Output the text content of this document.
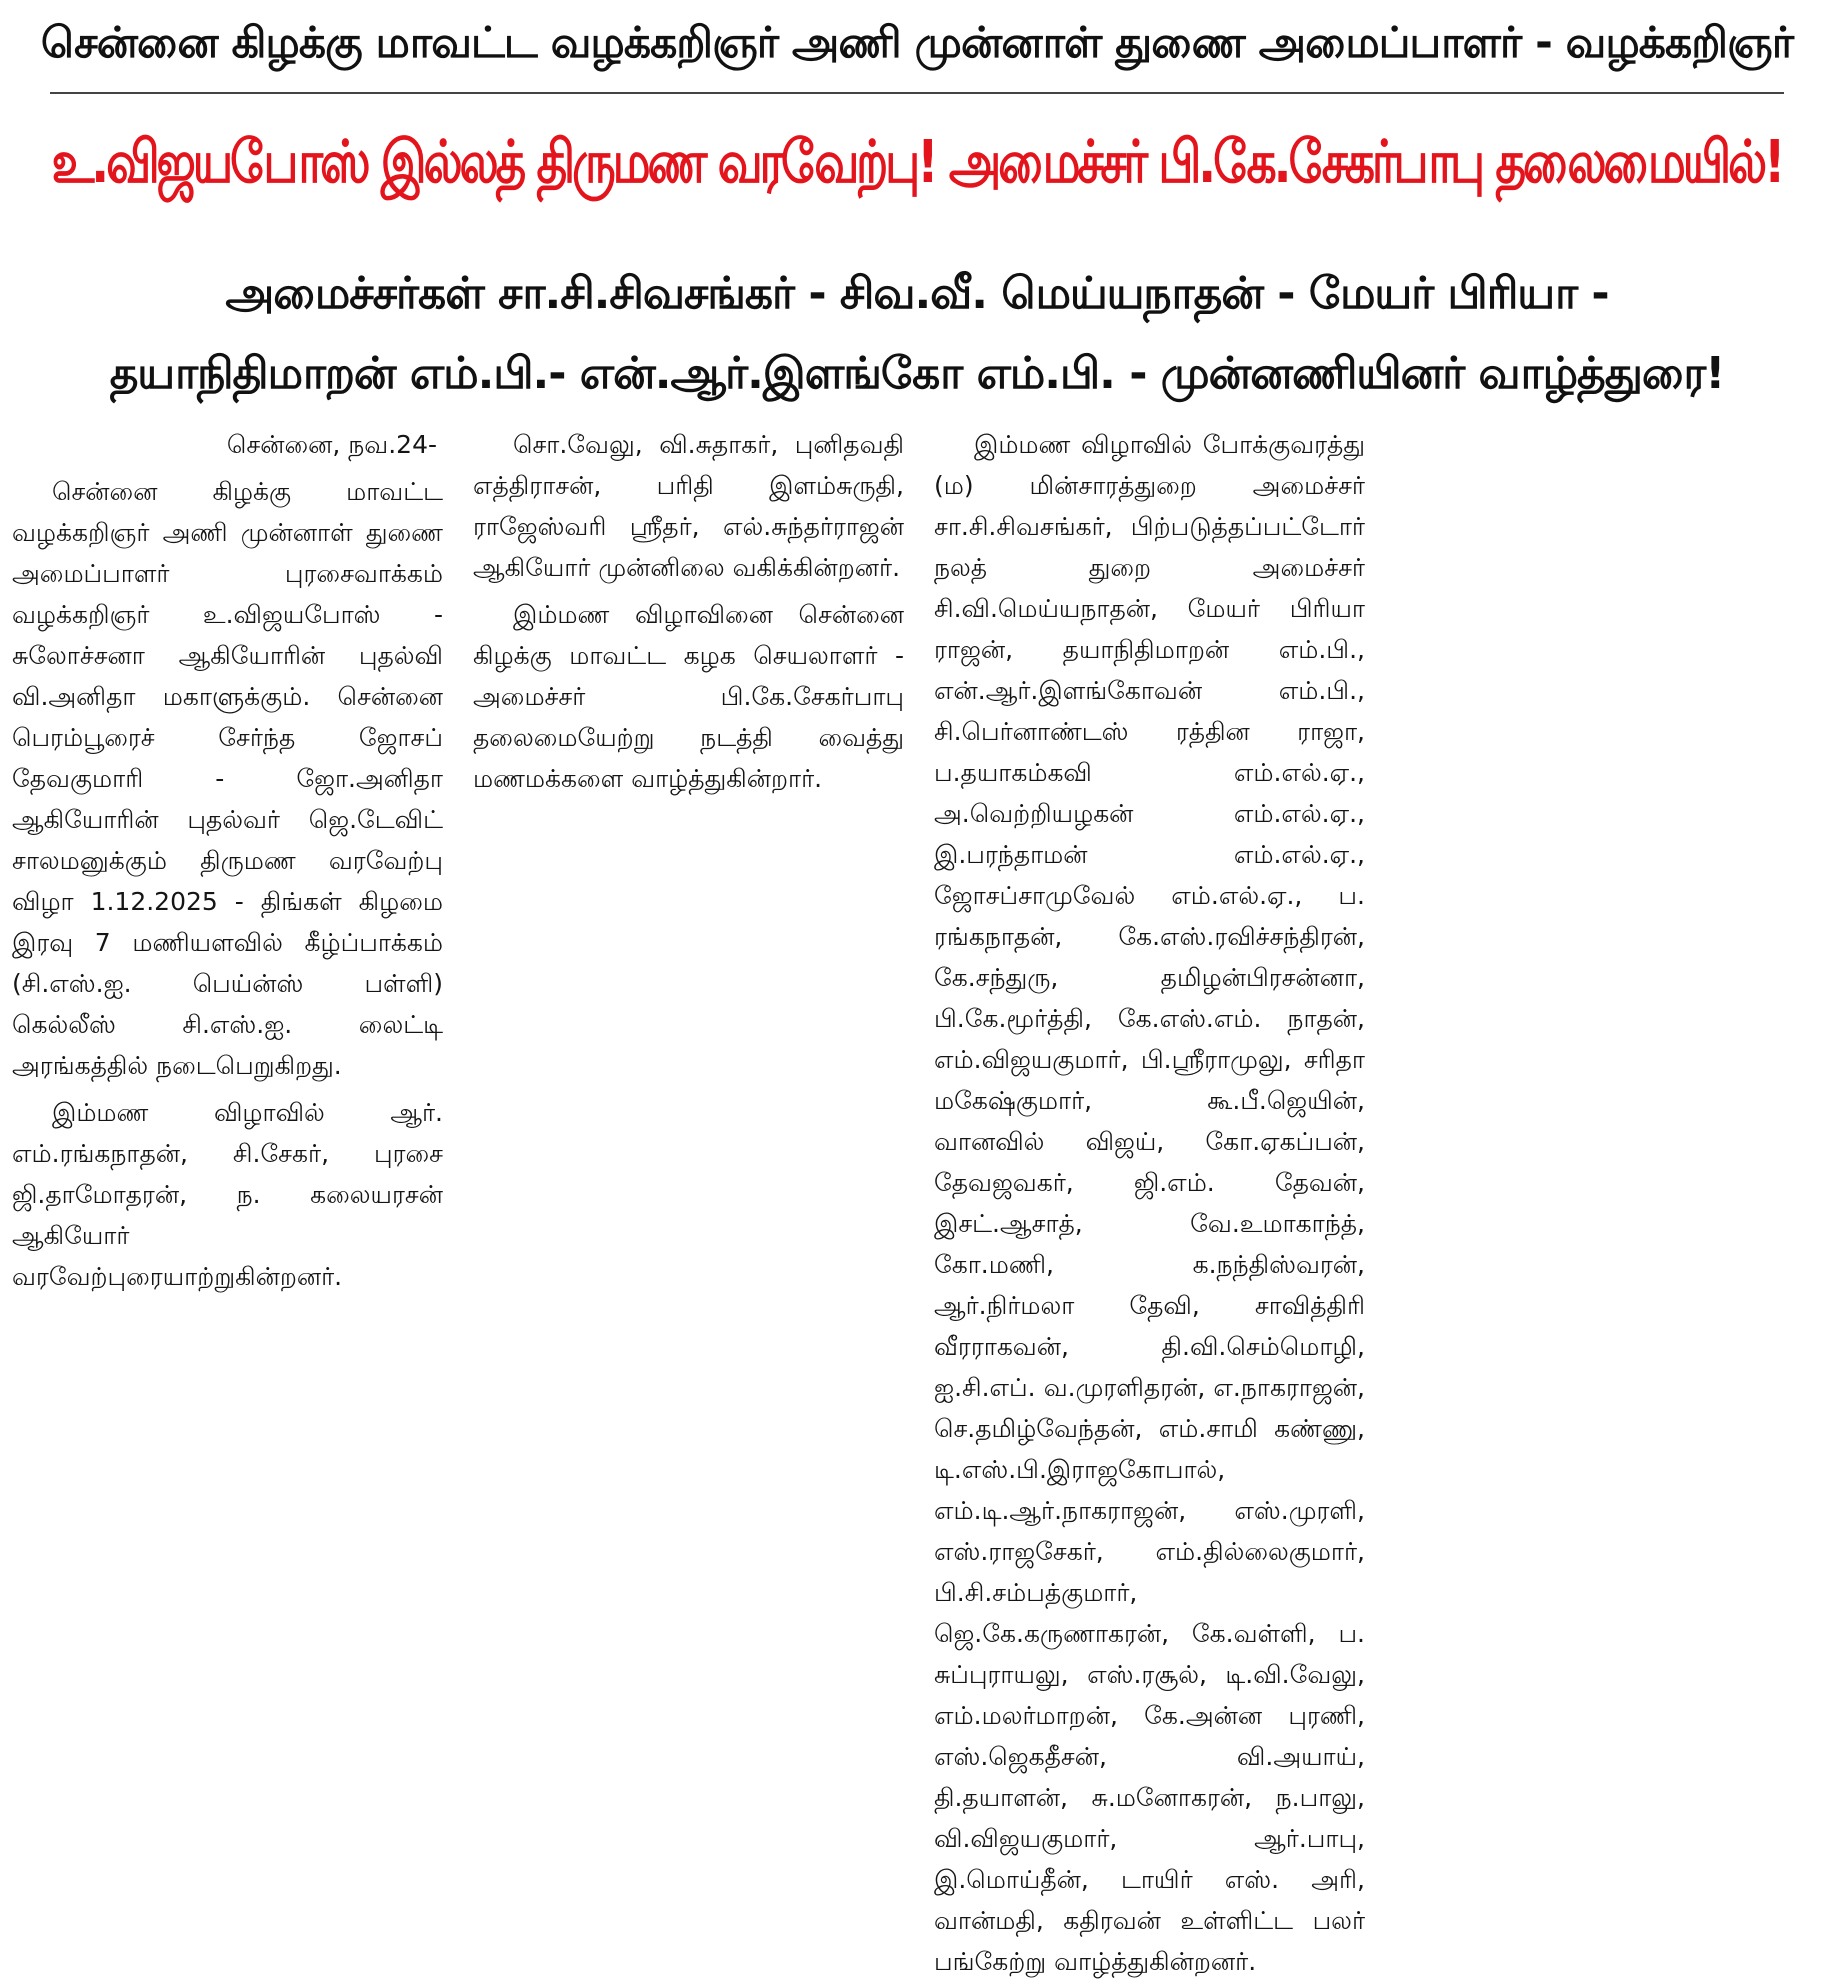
சென்னை கிழக்கு மாவட்ட வழக்கறிஞர் அணி முன்னாள் துணை அமைப்பாளர் - வழக்கறிஞர்
உ.விஜயபோஸ் இல்லத் திருமண வரவேற்பு! அமைச்சர் பி.கே.சேகர்பாபு தலைமையில்!
அமைச்சர்கள் சா.சி.சிவசங்கர் - சிவ.வீ. மெய்யநாதன் - மேயர் பிரியா -
தயாநிதிமாறன் எம்.பி.- என்.ஆர்.இளங்கோ எம்.பி. - முன்னணியினர் வாழ்த்துரை!

சென்னை, நவ.24-

சென்னை கிழக்கு மாவட்ட வழக்கறிஞர் அணி முன்னாள் துணை அமைப்பாளர் புரசைவாக்கம் வழக்கறிஞர் உ.விஜயபோஸ் - சுலோச்சனா ஆகியோரின் புதல்வி வி.அனிதா மகாளுக்கும். சென்னை பெரம்பூரைச் சேர்ந்த ஜோசப் தேவகுமாரி - ஜோ.அனிதா ஆகியோரின் புதல்வர் ஜெ.டேவிட் சாலமனுக்கும் திருமண வரவேற்பு விழா 1.12.2025 - திங்கள் கிழமை இரவு 7 மணியளவில் கீழ்ப்பாக்கம் (சி.எஸ்.ஐ. பெய்ன்ஸ் பள்ளி) கெல்லீஸ் சி.எஸ்.ஐ. லைட்டி அரங்கத்தில் நடைபெறுகிறது.

இம்மண விழாவில் ஆர். எம்.ரங்கநாதன், சி.சேகர், புரசை ஜி.தாமோதரன், ந. கலையரசன் ஆகியோர் வரவேற்புரையாற்றுகின்றனர்.

சொ.வேலு, வி.சுதாகர், புனிதவதி எத்திராசன், பரிதி இளம்சுருதி, ராஜேஸ்வரி ஸ்ரீதர், எல்.சுந்தர்ராஜன் ஆகியோர் முன்னிலை வகிக்கின்றனர்.

இம்மண விழாவினை சென்னை கிழக்கு மாவட்ட கழக செயலாளர் - அமைச்சர் பி.கே.சேகர்பாபு தலைமையேற்று நடத்தி வைத்து மணமக்களை வாழ்த்துகின்றார்.

இம்மண விழாவில் போக்குவரத்து (ம) மின்சாரத்துறை அமைச்சர் சா.சி.சிவசங்கர், பிற்படுத்தப்பட்டோர் நலத் துறை அமைச்சர் சி.வி.மெய்யநாதன், மேயர் பிரியா ராஜன், தயாநிதிமாறன் எம்.பி., என்.ஆர்.இளங்கோவன் எம்.பி., சி.பெர்னாண்டஸ் ரத்தின ராஜா, ப.தயாகம்கவி எம்.எல்.ஏ., அ.வெற்றியழகன் எம்.எல்.ஏ., இ.பரந்தாமன் எம்.எல்.ஏ., ஜோசப்சாமுவேல் எம்.எல்.ஏ., ப. ரங்கநாதன், கே.எஸ்.ரவிச்சந்திரன், கே.சந்துரு, தமிழன்பிரசன்னா, பி.கே.மூர்த்தி, கே.எஸ்.எம். நாதன், எம்.விஜயகுமார், பி.ஸ்ரீராமுலு, சரிதா மகேஷ்குமார், கூ.பீ.ஜெயின், வானவில் விஜய், கோ.ஏகப்பன், தேவஜவகர், ஜி.எம். தேவன், இசட்.ஆசாத், வே.உமாகாந்த், கோ.மணி, க.நந்திஸ்வரன், ஆர்.நிர்மலா தேவி, சாவித்திரி வீரராகவன், தி.வி.செம்மொழி, ஐ.சி.எப். வ.முரளிதரன், எ.நாகராஜன், செ.தமிழ்வேந்தன், எம்.சாமி கண்ணு, டி.எஸ்.பி.இராஜகோபால், எம்.டி.ஆர்.நாகராஜன், எஸ்.முரளி, எஸ்.ராஜசேகர், எம்.தில்லைகுமார், பி.சி.சம்பத்குமார், ஜெ.கே.கருணாகரன், கே.வள்ளி, ப. சுப்புராயலு, எஸ்.ரசூல், டி.வி.வேலு, எம்.மலர்மாறன், கே.அன்ன புரணி, எஸ்.ஜெகதீசன், வி.அயாய், தி.தயாளன், சு.மனோகரன், ந.பாலு, வி.விஜயகுமார், ஆர்.பாபு, இ.மொய்தீன், டாயிர் எஸ். அரி, வான்மதி, கதிரவன் உள்ளிட்ட பலர் பங்கேற்று வாழ்த்துகின்றனர்.
